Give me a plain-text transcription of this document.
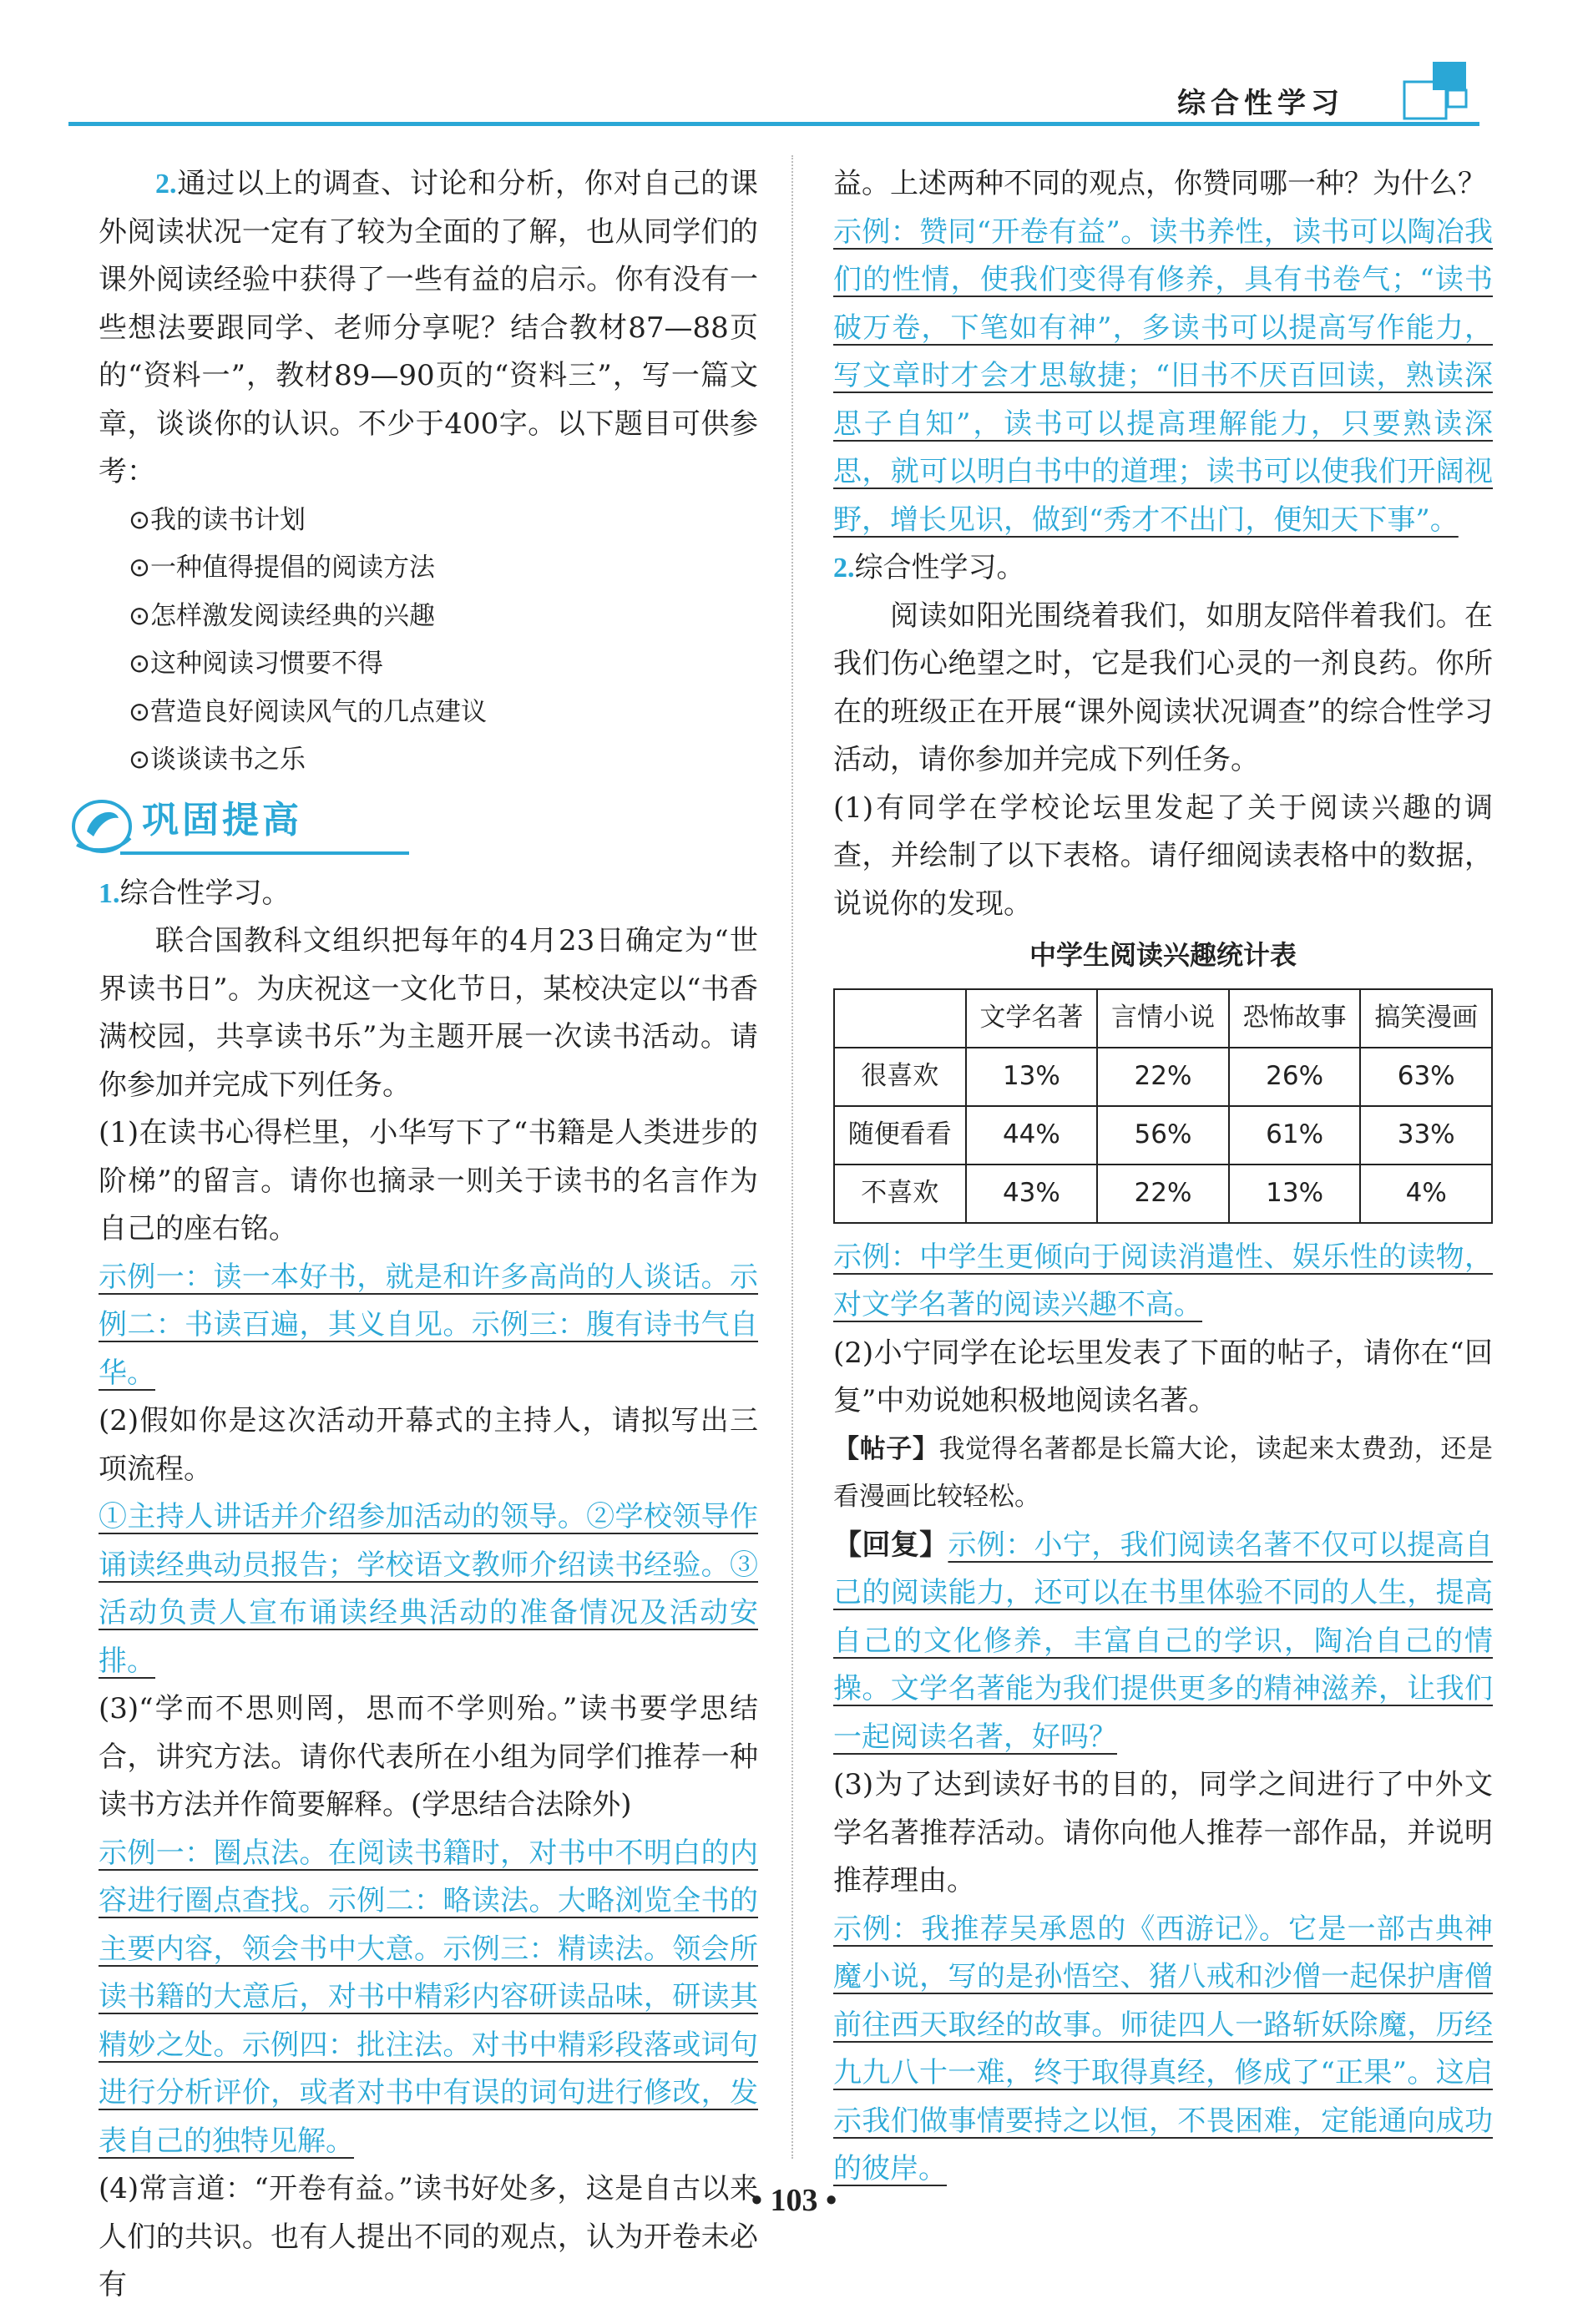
综合性学习

2.通过以上的调查、讨论和分析，你对自己的课外阅读状况一定有了较为全面的了解，也从同学们的课外阅读经验中获得了一些有益的启示。你有没有一些想法要跟同学、老师分享呢？结合教材87—88页的“资料一”，教材89—90页的“资料三”，写一篇文章，谈谈你的认识。不少于400字。以下题目可供参考：

⊙我的读书计划

⊙一种值得提倡的阅读方法

⊙怎样激发阅读经典的兴趣

⊙这种阅读习惯要不得

⊙营造良好阅读风气的几点建议

⊙谈谈读书之乐

巩固提高

1.综合性学习。

联合国教科文组织把每年的4月23日确定为“世界读书日”。为庆祝这一文化节日，某校决定以“书香满校园，共享读书乐”为主题开展一次读书活动。请你参加并完成下列任务。

(1)在读书心得栏里，小华写下了“书籍是人类进步的阶梯”的留言。请你也摘录一则关于读书的名言作为自己的座右铭。

示例一：读一本好书，就是和许多高尚的人谈话。示例二：书读百遍，其义自见。示例三：腹有诗书气自华。

(2)假如你是这次活动开幕式的主持人，请拟写出三项流程。

①主持人讲话并介绍参加活动的领导。②学校领导作诵读经典动员报告；学校语文教师介绍读书经验。③活动负责人宣布诵读经典活动的准备情况及活动安排。

(3)“学而不思则罔，思而不学则殆。”读书要学思结合，讲究方法。请你代表所在小组为同学们推荐一种读书方法并作简要解释。(学思结合法除外)

示例一：圈点法。在阅读书籍时，对书中不明白的内容进行圈点查找。示例二：略读法。大略浏览全书的主要内容，领会书中大意。示例三：精读法。领会所读书籍的大意后，对书中精彩内容研读品味，研读其精妙之处。示例四：批注法。对书中精彩段落或词句进行分析评价，或者对书中有误的词句进行修改，发表自己的独特见解。

(4)常言道：“开卷有益。”读书好处多，这是自古以来人们的共识。也有人提出不同的观点，认为开卷未必有

益。上述两种不同的观点，你赞同哪一种？为什么？

示例：赞同“开卷有益”。读书养性，读书可以陶冶我们的性情，使我们变得有修养，具有书卷气；“读书破万卷，下笔如有神”，多读书可以提高写作能力，写文章时才会才思敏捷；“旧书不厌百回读，熟读深思子自知”，读书可以提高理解能力，只要熟读深思，就可以明白书中的道理；读书可以使我们开阔视野，增长见识，做到“秀才不出门，便知天下事”。

2.综合性学习。

阅读如阳光围绕着我们，如朋友陪伴着我们。在我们伤心绝望之时，它是我们心灵的一剂良药。你所在的班级正在开展“课外阅读状况调查”的综合性学习活动，请你参加并完成下列任务。

(1)有同学在学校论坛里发起了关于阅读兴趣的调查，并绘制了以下表格。请仔细阅读表格中的数据，说说你的发现。

中学生阅读兴趣统计表
	文学名著	言情小说	恐怖故事	搞笑漫画
很喜欢	13%	22%	26%	63%
随便看看	44%	56%	61%	33%
不喜欢	43%	22%	13%	4%

示例：中学生更倾向于阅读消遣性、娱乐性的读物，对文学名著的阅读兴趣不高。

(2)小宁同学在论坛里发表了下面的帖子，请你在“回复”中劝说她积极地阅读名著。

【帖子】我觉得名著都是长篇大论，读起来太费劲，还是看漫画比较轻松。

【回复】示例：小宁，我们阅读名著不仅可以提高自己的阅读能力，还可以在书里体验不同的人生，提高自己的文化修养，丰富自己的学识，陶冶自己的情操。文学名著能为我们提供更多的精神滋养，让我们一起阅读名著，好吗？

(3)为了达到读好书的目的，同学之间进行了中外文学名著推荐活动。请你向他人推荐一部作品，并说明推荐理由。

示例：我推荐吴承恩的《西游记》。它是一部古典神魔小说，写的是孙悟空、猪八戒和沙僧一起保护唐僧前往西天取经的故事。师徒四人一路斩妖除魔，历经九九八十一难，终于取得真经，修成了“正果”。这启示我们做事情要持之以恒，不畏困难，定能通向成功的彼岸。

• 103 •
